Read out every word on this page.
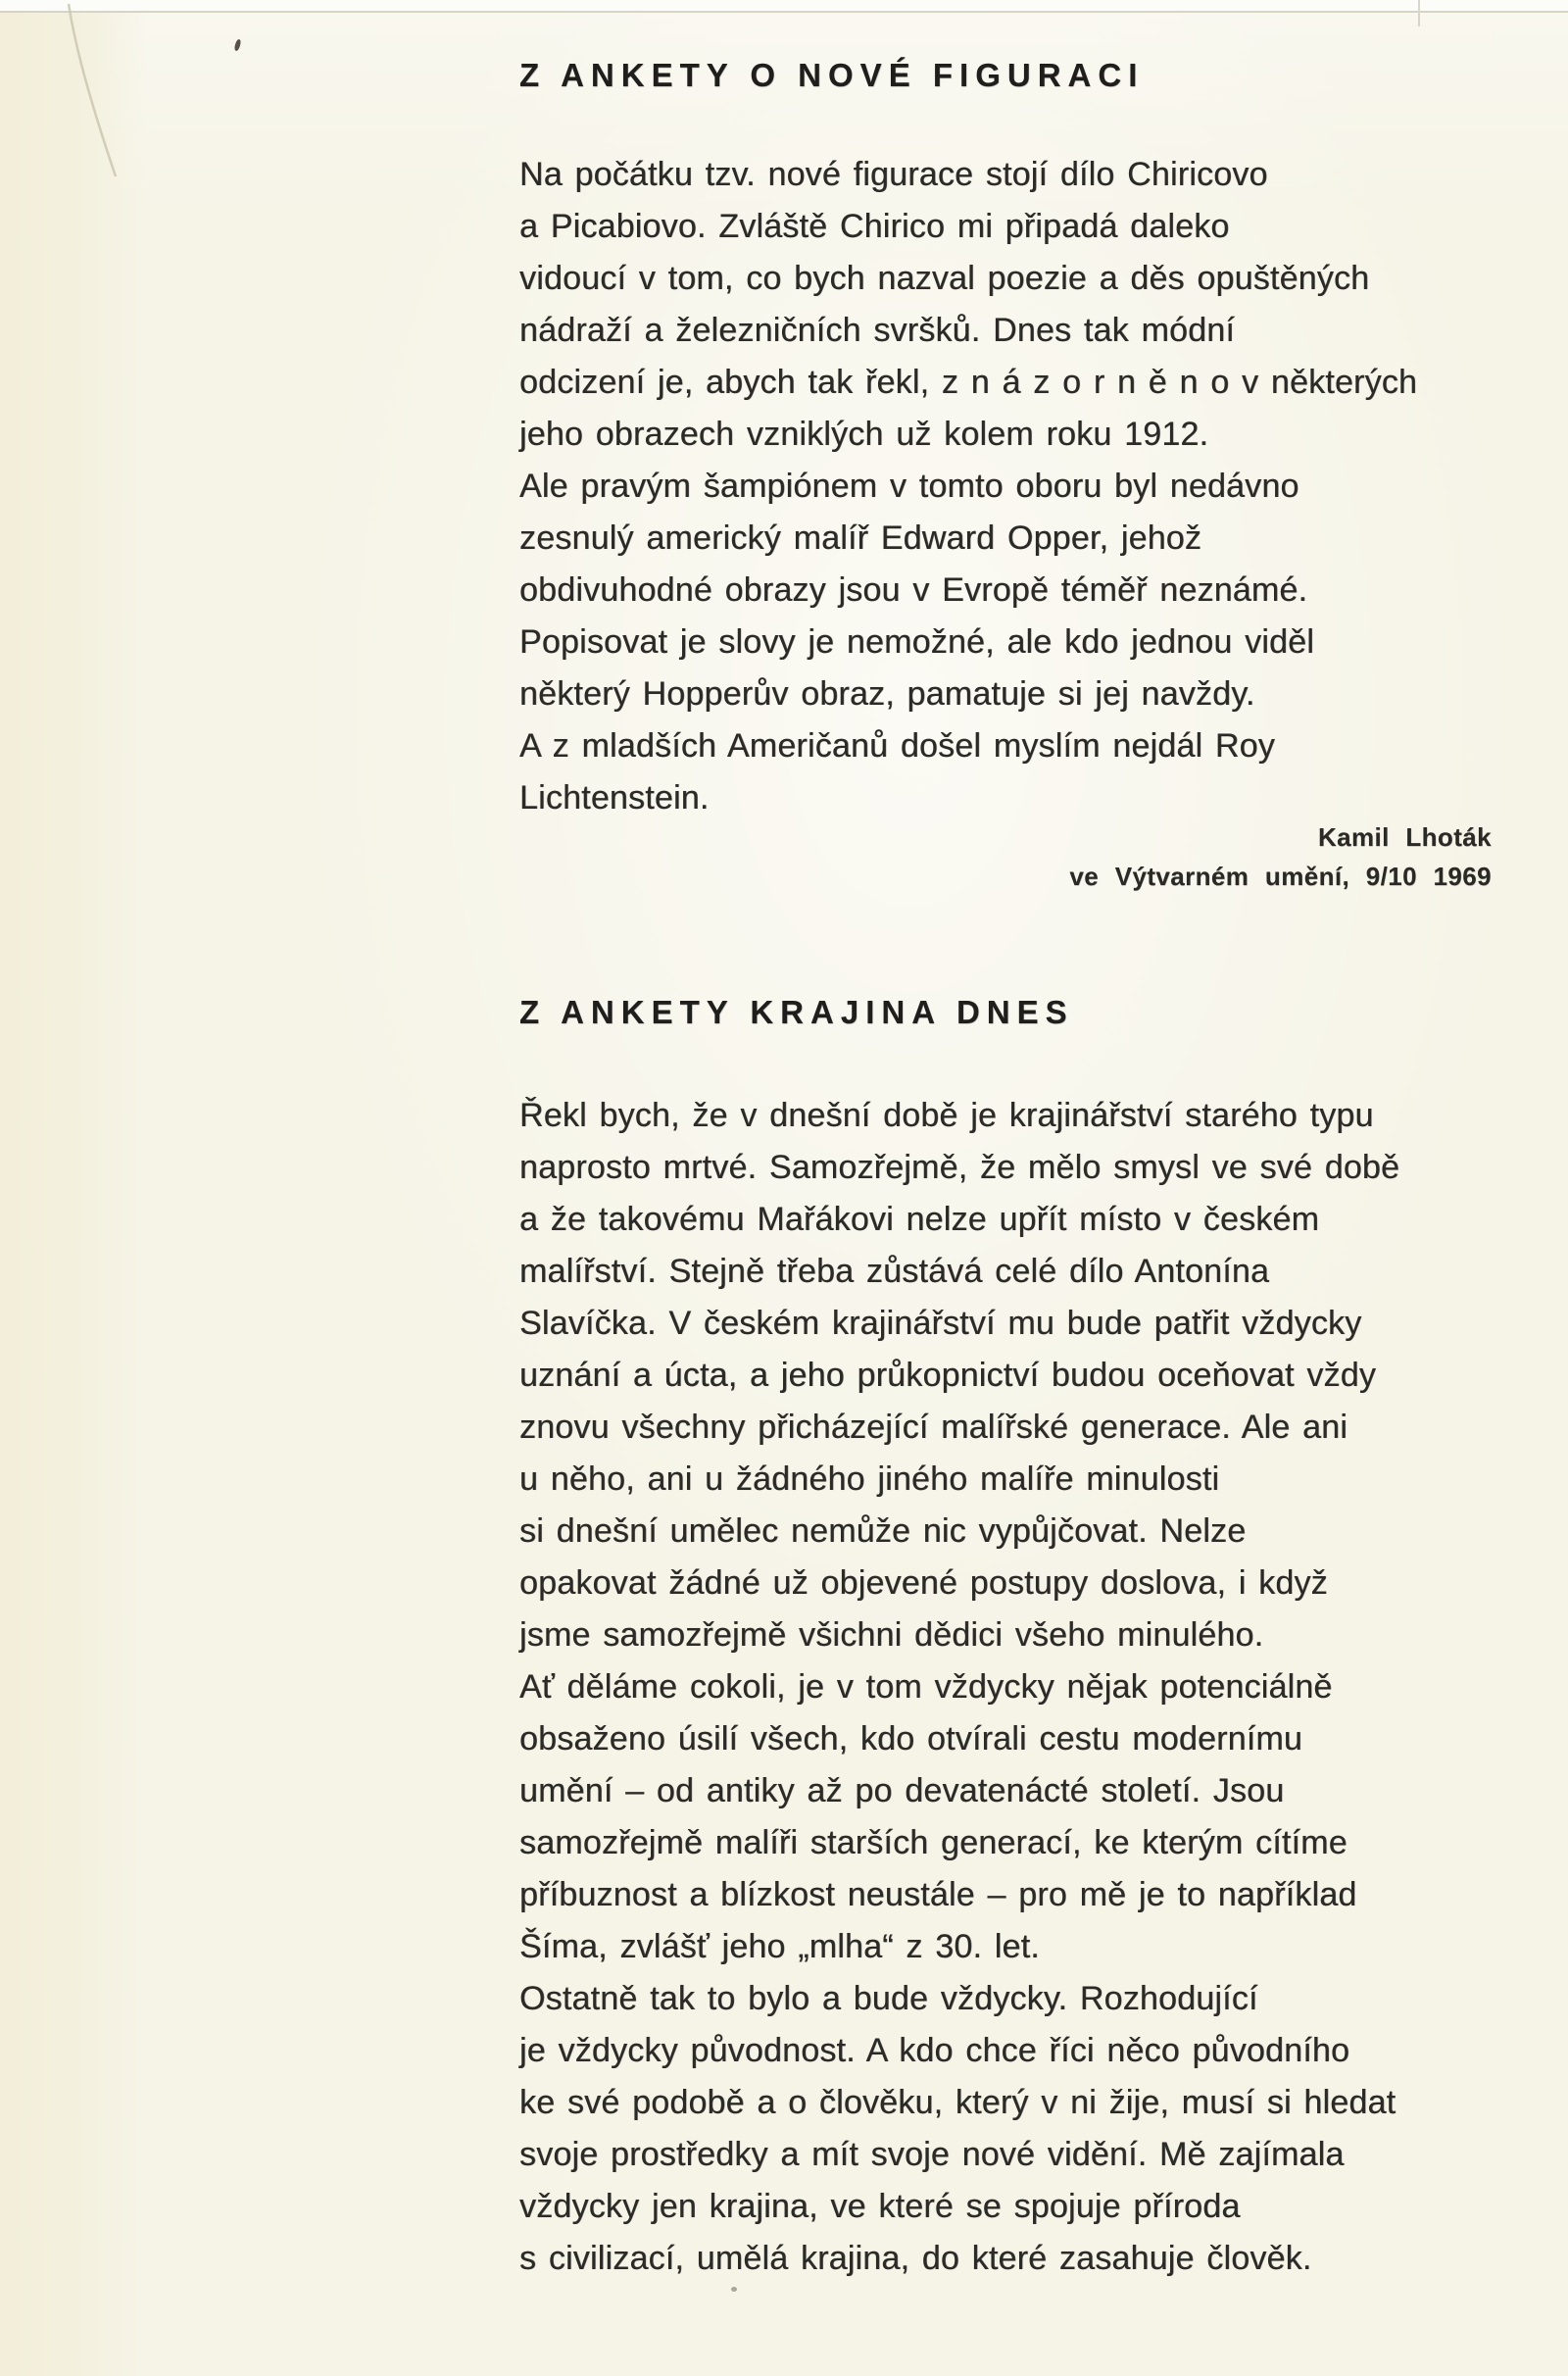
Z ANKETY O NOVÉ FIGURACI
Na počátku tzv. nové figurace stojí dílo Chiricovo
a Picabiovo. Zvláště Chirico mi připadá daleko
vidoucí v tom, co bych nazval poezie a děs opuštěných
nádraží a železničních svršků. Dnes tak módní
odcizení je, abych tak řekl, z n á z o r n ě n o v některých
jeho obrazech vzniklých už kolem roku 1912.
Ale pravým šampiónem v tomto oboru byl nedávno
zesnulý americký malíř Edward Opper, jehož
obdivuhodné obrazy jsou v Evropě téměř neznámé.
Popisovat je slovy je nemožné, ale kdo jednou viděl
některý Hopperův obraz, pamatuje si jej navždy.
A z mladších Američanů došel myslím nejdál Roy
Lichtenstein.
Kamil Lhoták
ve Výtvarném umění, 9/10 1969
Z ANKETY KRAJINA DNES
Řekl bych, že v dnešní době je krajinářství starého typu
naprosto mrtvé. Samozřejmě, že mělo smysl ve své době
a že takovému Mařákovi nelze upřít místo v českém
malířství. Stejně třeba zůstává celé dílo Antonína
Slavíčka. V českém krajinářství mu bude patřit vždycky
uznání a úcta, a jeho průkopnictví budou oceňovat vždy
znovu všechny přicházející malířské generace. Ale ani
u něho, ani u žádného jiného malíře minulosti
si dnešní umělec nemůže nic vypůjčovat. Nelze
opakovat žádné už objevené postupy doslova, i když
jsme samozřejmě všichni dědici všeho minulého.
Ať děláme cokoli, je v tom vždycky nějak potenciálně
obsaženo úsilí všech, kdo otvírali cestu modernímu
umění – od antiky až po devatenácté století. Jsou
samozřejmě malíři starších generací, ke kterým cítíme
příbuznost a blízkost neustále – pro mě je to například
Šíma, zvlášť jeho „mlha“ z 30. let.
Ostatně tak to bylo a bude vždycky. Rozhodující
je vždycky původnost. A kdo chce říci něco původního
ke své podobě a o člověku, který v ni žije, musí si hledat
svoje prostředky a mít svoje nové vidění. Mě zajímala
vždycky jen krajina, ve které se spojuje příroda
s civilizací, umělá krajina, do které zasahuje člověk.
